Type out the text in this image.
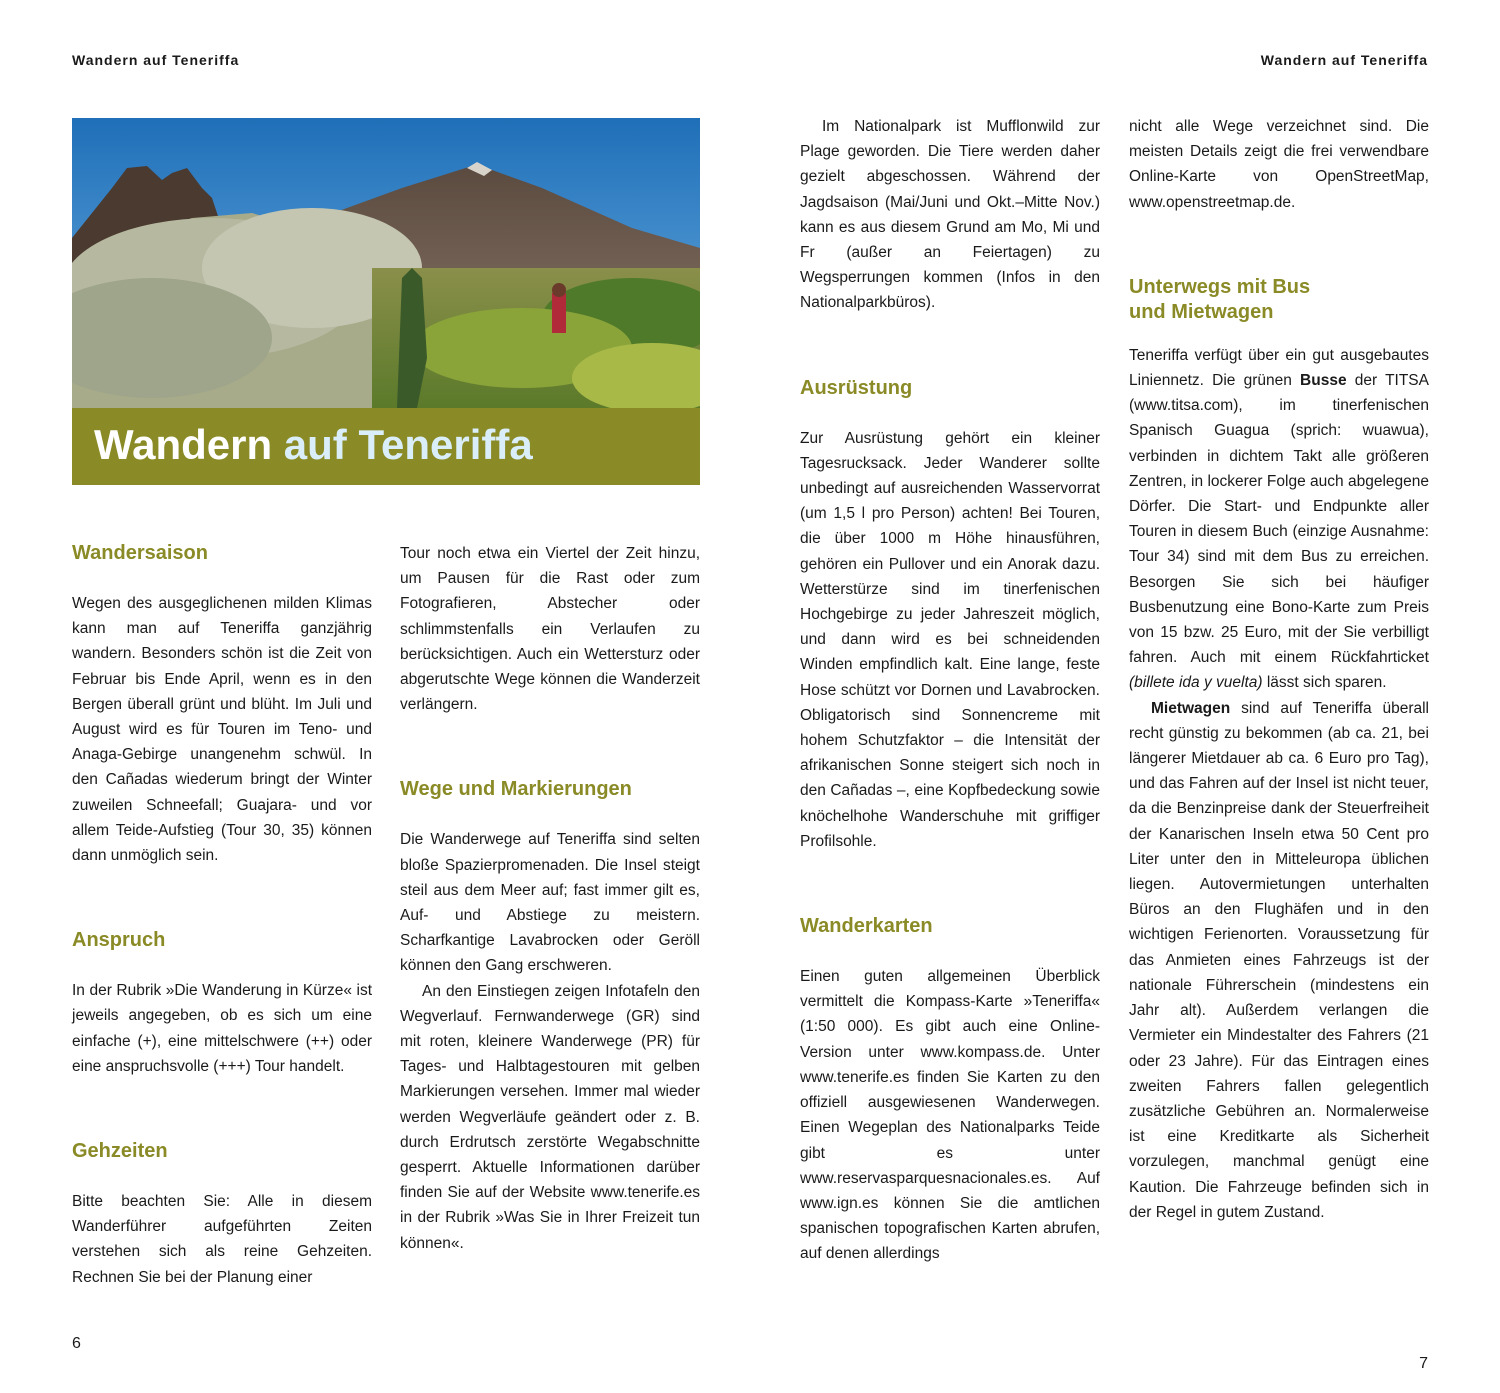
Wandern auf Teneriffa	Wandern auf Teneriffa
Wandern auf Teneriffa
Wandersaison

Wegen des ausgeglichenen milden Klimas kann man auf Teneriffa ganzjährig wandern. Besonders schön ist die Zeit von Februar bis Ende April, wenn es in den Bergen überall grünt und blüht. Im Juli und August wird es für Touren im Teno- und Anaga-Gebirge unangenehm schwül. In den Cañadas wiederum bringt der Winter zuweilen Schneefall; Guajara- und vor allem Teide-Aufstieg (Tour 30, 35) können dann unmöglich sein.

Anspruch

In der Rubrik »Die Wanderung in Kürze« ist jeweils angegeben, ob es sich um eine einfache (+), eine mittelschwere (++) oder eine anspruchsvolle (+++) Tour handelt.

Gehzeiten

Bitte beachten Sie: Alle in diesem Wanderführer aufgeführten Zeiten verstehen sich als reine Gehzeiten. Rechnen Sie bei der Planung einer

Tour noch etwa ein Viertel der Zeit hinzu, um Pausen für die Rast oder zum Fotografieren, Abstecher oder schlimmstenfalls ein Verlaufen zu berücksichtigen. Auch ein Wettersturz oder abgerutschte Wege können die Wanderzeit verlängern.

Wege und Markierungen

Die Wanderwege auf Teneriffa sind selten bloße Spazierpromenaden. Die Insel steigt steil aus dem Meer auf; fast immer gilt es, Auf- und Abstiege zu meistern. Scharfkantige Lavabrocken oder Geröll können den Gang erschweren.

An den Einstiegen zeigen Infotafeln den Wegverlauf. Fernwanderwege (GR) sind mit roten, kleinere Wanderwege (PR) für Tages- und Halbtagestouren mit gelben Markierungen versehen. Immer mal wieder werden Wegverläufe geändert oder z. B. durch Erdrutsch zerstörte Wegabschnitte gesperrt. Aktuelle Informationen darüber finden Sie auf der Website www.tenerife.es in der Rubrik »Was Sie in Ihrer Freizeit tun können«.

Im Nationalpark ist Mufflonwild zur Plage geworden. Die Tiere werden daher gezielt abgeschossen. Während der Jagdsaison (Mai/Juni und Okt.–Mitte Nov.) kann es aus diesem Grund am Mo, Mi und Fr (außer an Feiertagen) zu Wegsperrungen kommen (Infos in den Nationalparkbüros).

Ausrüstung

Zur Ausrüstung gehört ein kleiner Tagesrucksack. Jeder Wanderer sollte unbedingt auf ausreichenden Wasservorrat (um 1,5 l pro Person) achten! Bei Touren, die über 1000 m Höhe hinausführen, gehören ein Pullover und ein Anorak dazu. Wetterstürze sind im tinerfenischen Hochgebirge zu jeder Jahreszeit möglich, und dann wird es bei schneidenden Winden empfindlich kalt. Eine lange, feste Hose schützt vor Dornen und Lavabrocken. Obligatorisch sind Sonnencreme mit hohem Schutzfaktor – die Intensität der afrikanischen Sonne steigert sich noch in den Cañadas –, eine Kopfbedeckung sowie knöchelhohe Wanderschuhe mit griffiger Profilsohle.

Wanderkarten

Einen guten allgemeinen Überblick vermittelt die Kompass-Karte »Teneriffa« (1:50 000). Es gibt auch eine Online-Version unter www.kompass.de. Unter www.tenerife.es finden Sie Karten zu den offiziell ausgewiesenen Wanderwegen. Einen Wegeplan des Nationalparks Teide gibt es unter www.reservasparquesnacionales.es. Auf www.ign.es können Sie die amtlichen spanischen topografischen Karten abrufen, auf denen allerdings

nicht alle Wege verzeichnet sind. Die meisten Details zeigt die frei verwendbare Online-Karte von OpenStreetMap, www.openstreetmap.de.

Unterwegs mit Bus
und Mietwagen

Teneriffa verfügt über ein gut ausgebautes Liniennetz. Die grünen Busse der TITSA (www.titsa.com), im tinerfenischen Spanisch Guagua (sprich: wuawua), verbinden in dichtem Takt alle größeren Zentren, in lockerer Folge auch abgelegene Dörfer. Die Start- und Endpunkte aller Touren in diesem Buch (einzige Ausnahme: Tour 34) sind mit dem Bus zu erreichen. Besorgen Sie sich bei häufiger Busbenutzung eine Bono-Karte zum Preis von 15 bzw. 25 Euro, mit der Sie verbilligt fahren. Auch mit einem Rückfahrticket (billete ida y vuelta) lässt sich sparen.

Mietwagen sind auf Teneriffa überall recht günstig zu bekommen (ab ca. 21, bei längerer Mietdauer ab ca. 6 Euro pro Tag), und das Fahren auf der Insel ist nicht teuer, da die Benzinpreise dank der Steuerfreiheit der Kanarischen Inseln etwa 50 Cent pro Liter unter den in Mitteleuropa üblichen liegen. Autovermietungen unterhalten Büros an den Flughäfen und in den wichtigen Ferienorten. Voraussetzung für das Anmieten eines Fahrzeugs ist der nationale Führerschein (mindestens ein Jahr alt). Außerdem verlangen die Vermieter ein Mindestalter des Fahrers (21 oder 23 Jahre). Für das Eintragen eines zweiten Fahrers fallen gelegentlich zusätzliche Gebühren an. Normalerweise ist eine Kreditkarte als Sicherheit vorzulegen, manchmal genügt eine Kaution. Die Fahrzeuge befinden sich in der Regel in gutem Zustand.

6
7
